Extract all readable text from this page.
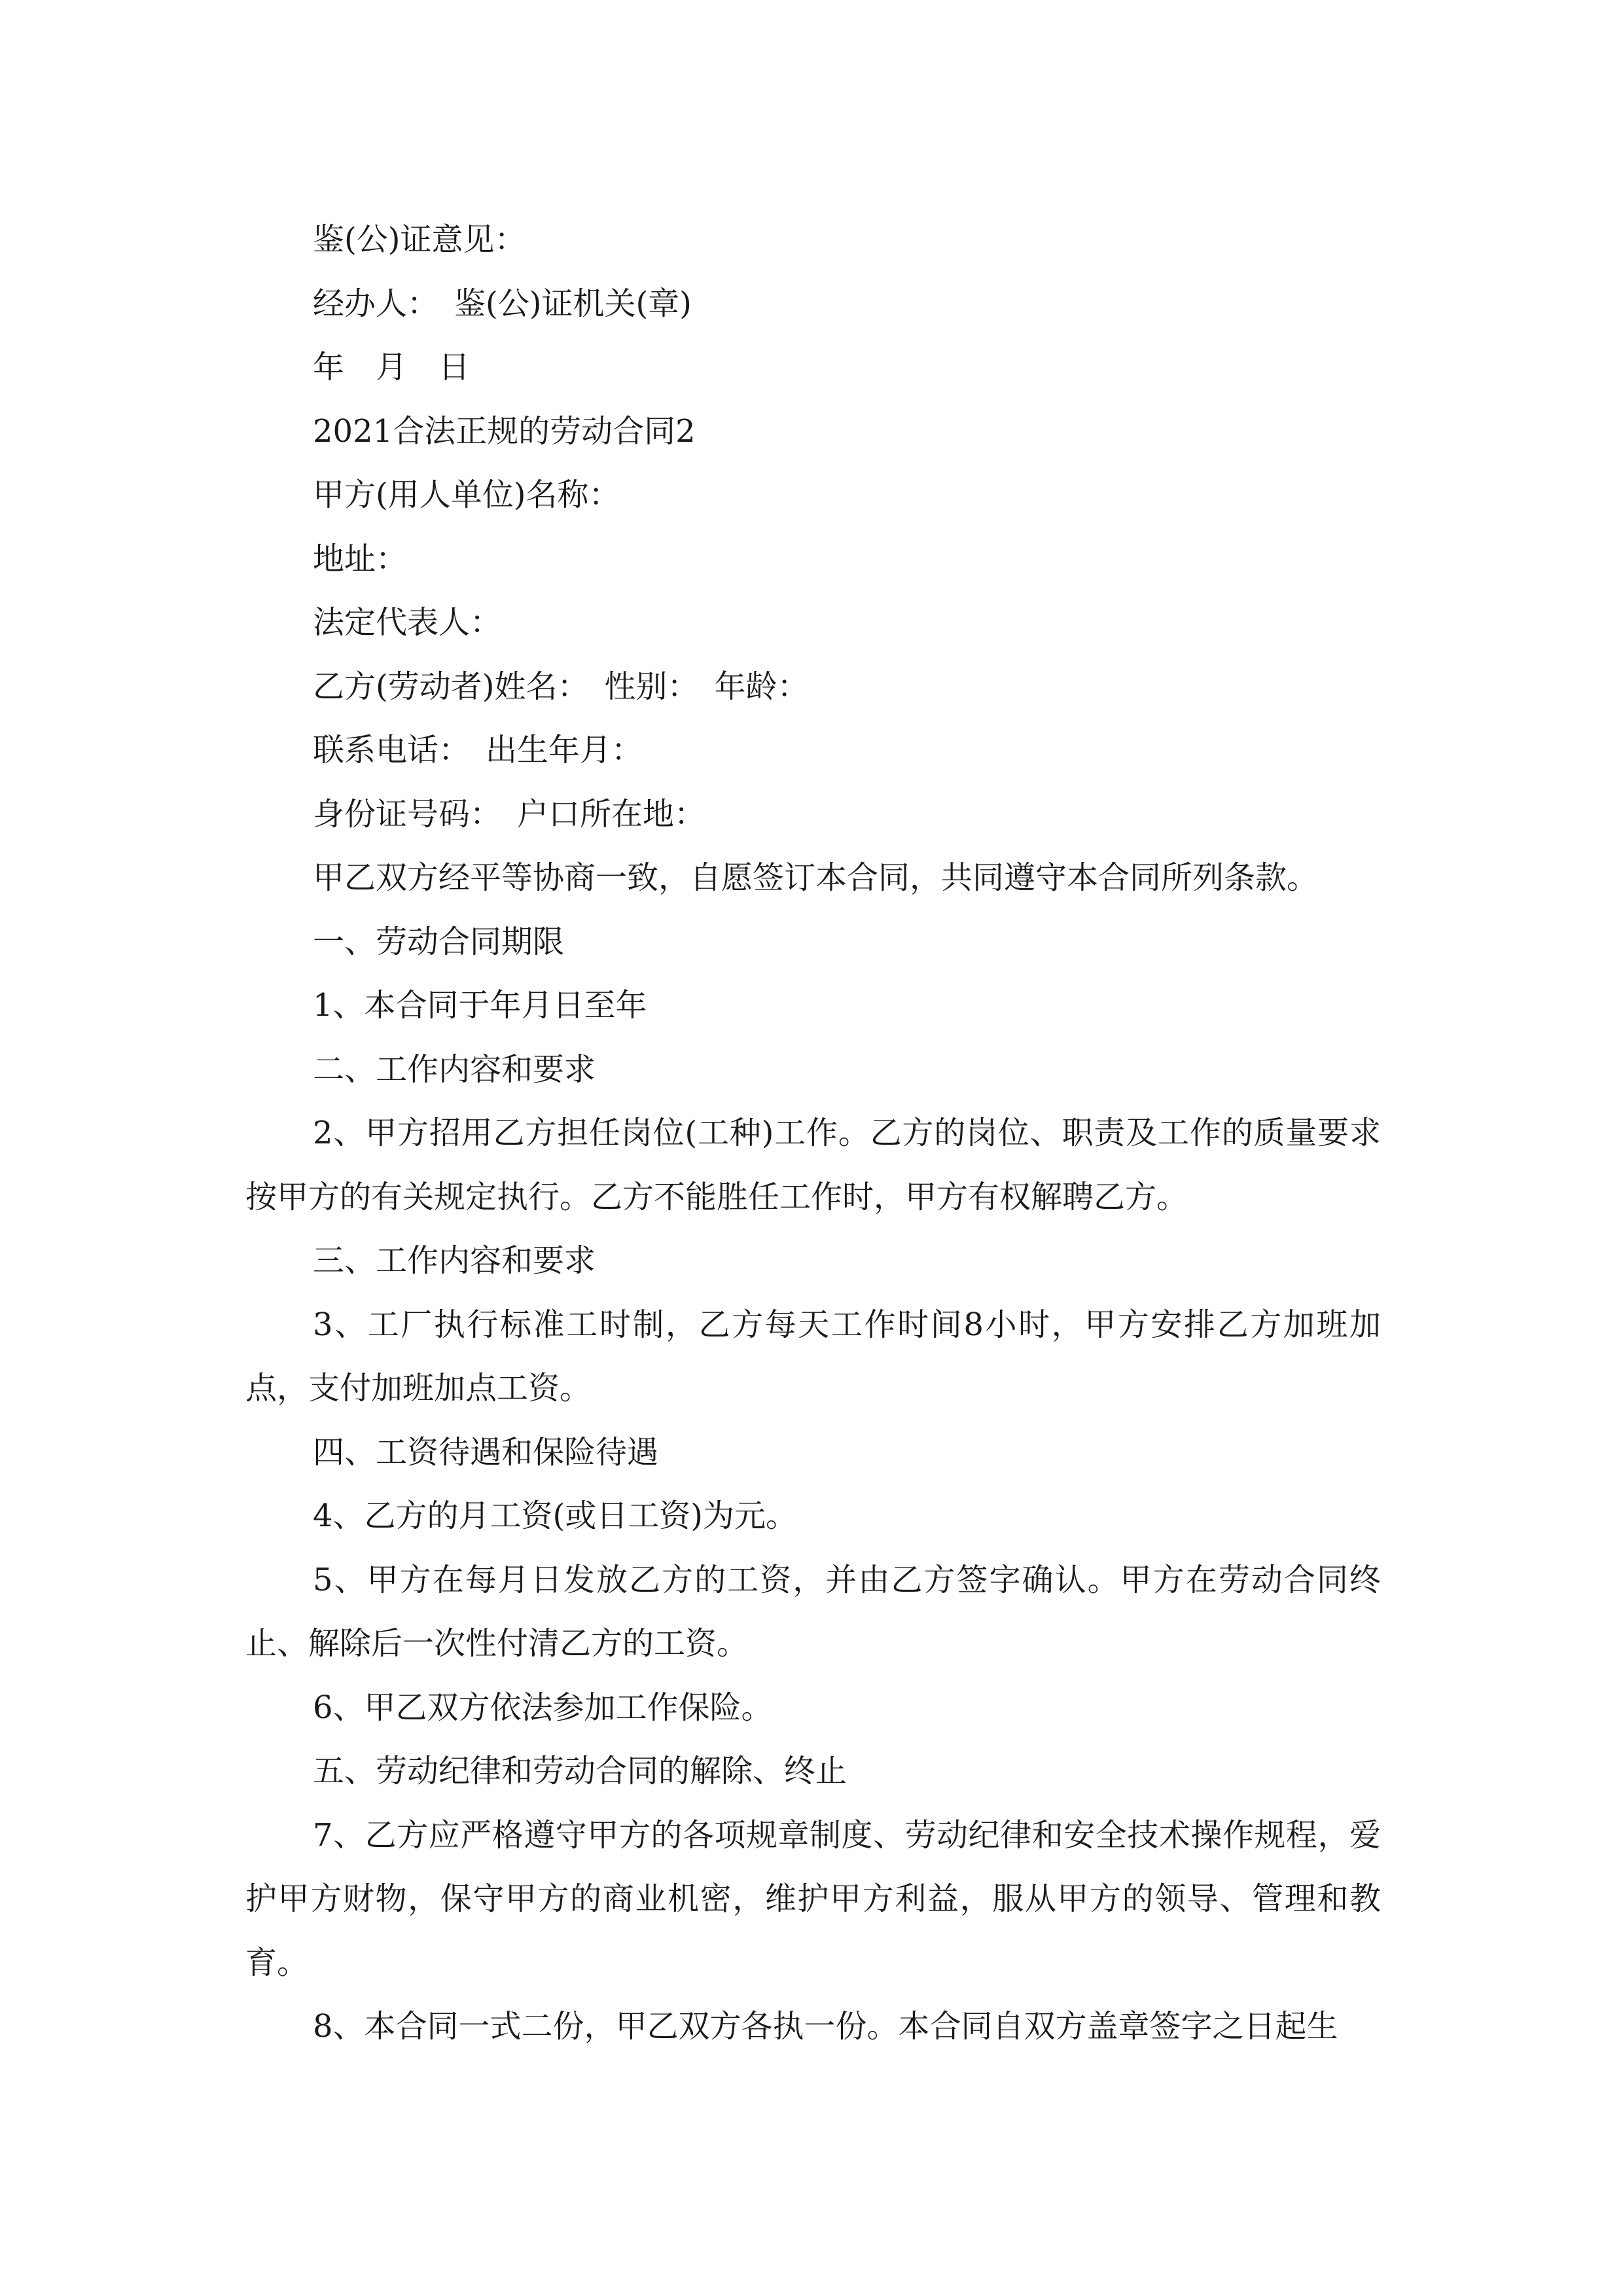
鉴(公)证意见：

经办人：　鉴(公)证机关(章)

年　月　日

2021合法正规的劳动合同2

甲方(用人单位)名称：

地址：

法定代表人：

乙方(劳动者)姓名：　性别：　年龄：

联系电话：　出生年月：

身份证号码：　户口所在地：

甲乙双方经平等协商一致，自愿签订本合同，共同遵守本合同所列条款。

一、劳动合同期限

1、本合同于年月日至年

二、工作内容和要求

2、甲方招用乙方担任岗位(工种)工作。乙方的岗位、职责及工作的质量要求按甲方的有关规定执行。乙方不能胜任工作时，甲方有权解聘乙方。

三、工作内容和要求

3、工厂执行标准工时制，乙方每天工作时间8小时，甲方安排乙方加班加点，支付加班加点工资。

四、工资待遇和保险待遇

4、乙方的月工资(或日工资)为元。

5、甲方在每月日发放乙方的工资，并由乙方签字确认。甲方在劳动合同终止、解除后一次性付清乙方的工资。

6、甲乙双方依法参加工作保险。

五、劳动纪律和劳动合同的解除、终止

7、乙方应严格遵守甲方的各项规章制度、劳动纪律和安全技术操作规程，爱护甲方财物，保守甲方的商业机密，维护甲方利益，服从甲方的领导、管理和教育。

8、本合同一式二份，甲乙双方各执一份。本合同自双方盖章签字之日起生
